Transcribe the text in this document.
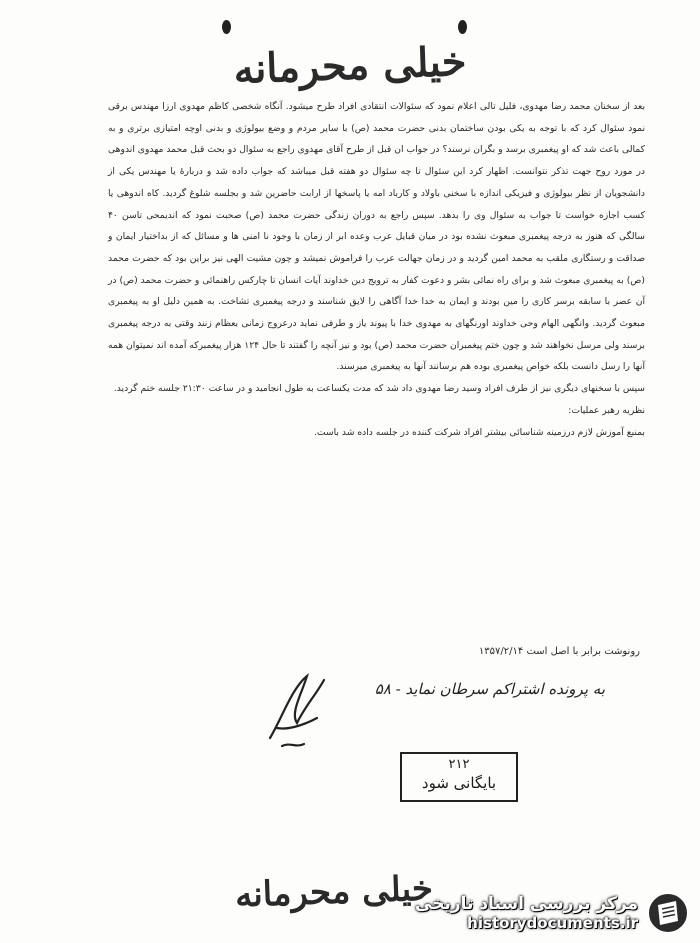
خیلی محرمانه

بعد از سخنان محمد رضا مهدوی، فلیل تالی اعلام نمود که سئوالات انتقادی افراد طرح میشود. آنگاه شخصی کاظم مهدوی ارزا مهندس برقی نمود سئوال کرد که با توجه به یکی بودن ساختمان بدنی حضرت محمد (ص) با سایر مردم و وضع بیولوژی و بدنی اوچه امتیازی برتری و به کمالی باعث شد که او پیغمبری برسد و بگران نرسند؟ در جواب ان قبل از طرح آقای مهدوی راجع به سئوال دو بحث قبل محمد مهدوی اندوهی در مورد روح جهت تذکر نتوانست. اظهار کرد این سئوال تا چه سئوال دو هفته قبل میباشد که جواب داده شد و دربارۀ یا مهندس یکی از دانشجویان از نظر بیولوژی و فیزیکی اندازه با سخنی باولاد و کارباد امه یا پاسخها از ارابت حاضرین شد و بجلسه شلوغ گردید. کاه اندوهی یا کسب اجازه خواست تا جواب به سئوال وی را بدهد. سپس راجع به دوران زندگی حضرت محمد (ص) صحبت نمود که اندیمحی تاسن ۴۰ سالگی که هنوز به درجه پیغمبری مبعوث نشده بود در میان قبایل عرب وعده ابر از زمان با وجود نا امنی ها و مسائل که از بداختیار ایمان و صداقت و رستگاری ملقب به محمد امین گردید و در زمان جهالت عرب را فراموش نمیشد و چون مشیت الهی نیز براین بود که حضرت محمد (ص) به پیغمبری مبعوث شد و برای راه نمائی بشر و دعوت کفار به ترویج دین خداوند آیات انسان تا چارکس راهنمائی و حضرت محمد (ص) در آن عصر با سابقه برسر کاری را مین بودند و ایمان به خدا خدا آگاهی را لایق شناسند و درجه پیغمبری تشاخت. به همین دلیل او به پیغمبری مبعوث گردید. وانگهی الهام وحی خداوند اورنگهای به مهدوی خدا با پیوند یاز و طرفی نماید درعروج زمانی بعظام زنند وقتی به درجه پیغمبری برسند ولی مرسل نخواهند شد و چون ختم پیغمبران حضرت محمد (ص) بود و نیز آنچه را گفتند تا حال ۱۲۴ هزار پیغمبرکه آمده اند نمیتوان همه آنها را رسل دانست بلکه خواص پیغمبری بوده هم برسانند آنها به پیغمبری میرسند.

سپس با سخنهای دیگری نیز از طرف افراد وسید رضا مهدوی داد شد که مدت یکساعت به طول انجامید و در ساعت ۲۱:۳۰ جلسه ختم گردید.

نظریه رهبر عملیات:

بمنبع آموزش لازم درزمینه شناسائی بیشتر افراد شرکت کننده در جلسه داده شد باست.

رونوشت برابر با اصل است ۱۳۵۷/۲/۱۴
به پرونده اشتراکم سرطان نماید - ۵۸
۲۱۲
بایگانی شود
خیلی محرمانه
مرکز بررسی اسناد تاریخی
historydocuments.ir
